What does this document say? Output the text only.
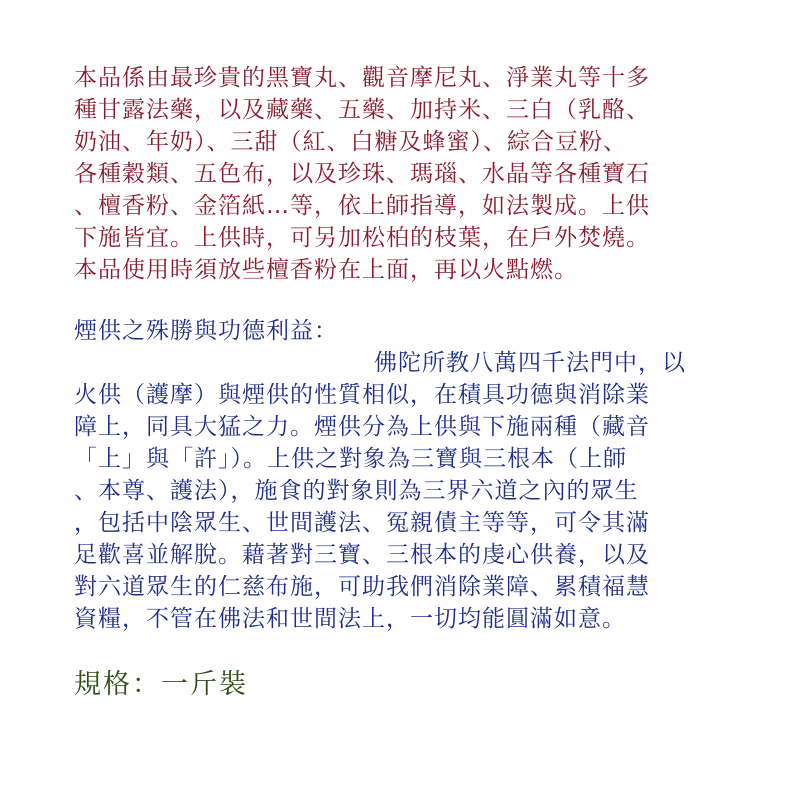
本品係由最珍貴的黑寶丸、觀音摩尼丸、淨業丸等十多
種甘露法藥，以及藏藥、五藥、加持米、三白（乳酪、
奶油、年奶）、三甜（紅、白糖及蜂蜜）、綜合豆粉、
各種穀類、五色布，以及珍珠、瑪瑙、水晶等各種寶石
、檀香粉、金箔紙…等，依上師指導，如法製成。上供
下施皆宜。上供時，可另加松柏的枝葉，在戶外焚燒。
本品使用時須放些檀香粉在上面，再以火點燃。
煙供之殊勝與功德利益：
佛陀所教八萬四千法門中，以
火供（護摩）與煙供的性質相似，在積具功德與消除業
障上，同具大猛之力。煙供分為上供與下施兩種（藏音
「上」與「許」）。上供之對象為三寶與三根本（上師
、本尊、護法），施食的對象則為三界六道之內的眾生
，包括中陰眾生、世間護法、冤親債主等等，可令其滿
足歡喜並解脫。藉著對三寶、三根本的虔心供養，以及
對六道眾生的仁慈布施，可助我們消除業障、累積福慧
資糧，不管在佛法和世間法上，一切均能圓滿如意。
規格：一斤裝
